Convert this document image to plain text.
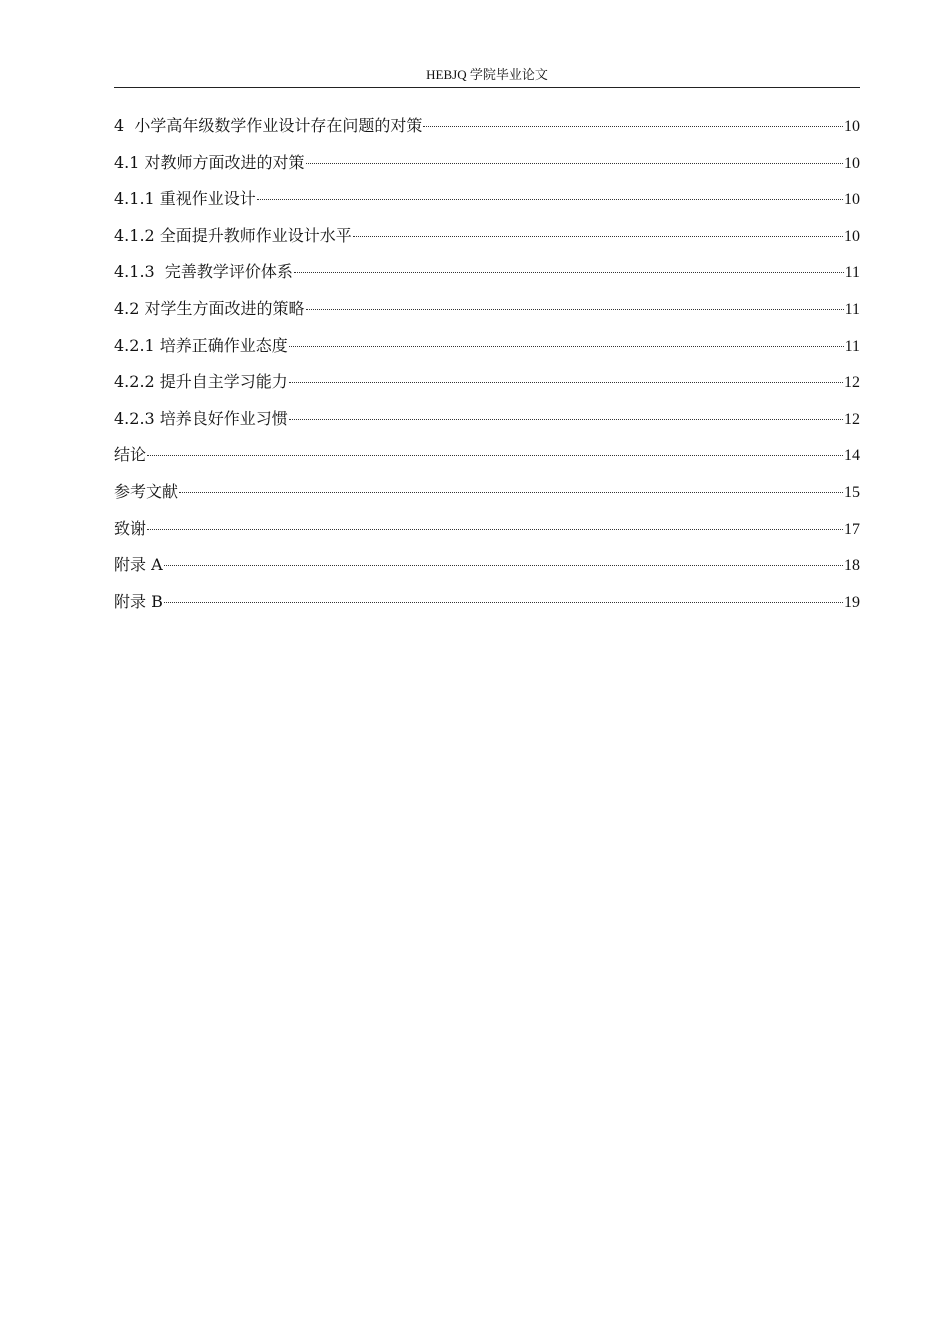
HEBJQ 学院毕业论文
4  小学高年级数学作业设计存在问题的对策	10
4.1 对教师方面改进的对策	10
4.1.1 重视作业设计	10
4.1.2 全面提升教师作业设计水平	10
4.1.3  完善教学评价体系	11
4.2 对学生方面改进的策略	11
4.2.1 培养正确作业态度	11
4.2.2 提升自主学习能力	12
4.2.3 培养良好作业习惯	12
结论	14
参考文献	15
致谢	17
附录 A	18
附录 B	19
